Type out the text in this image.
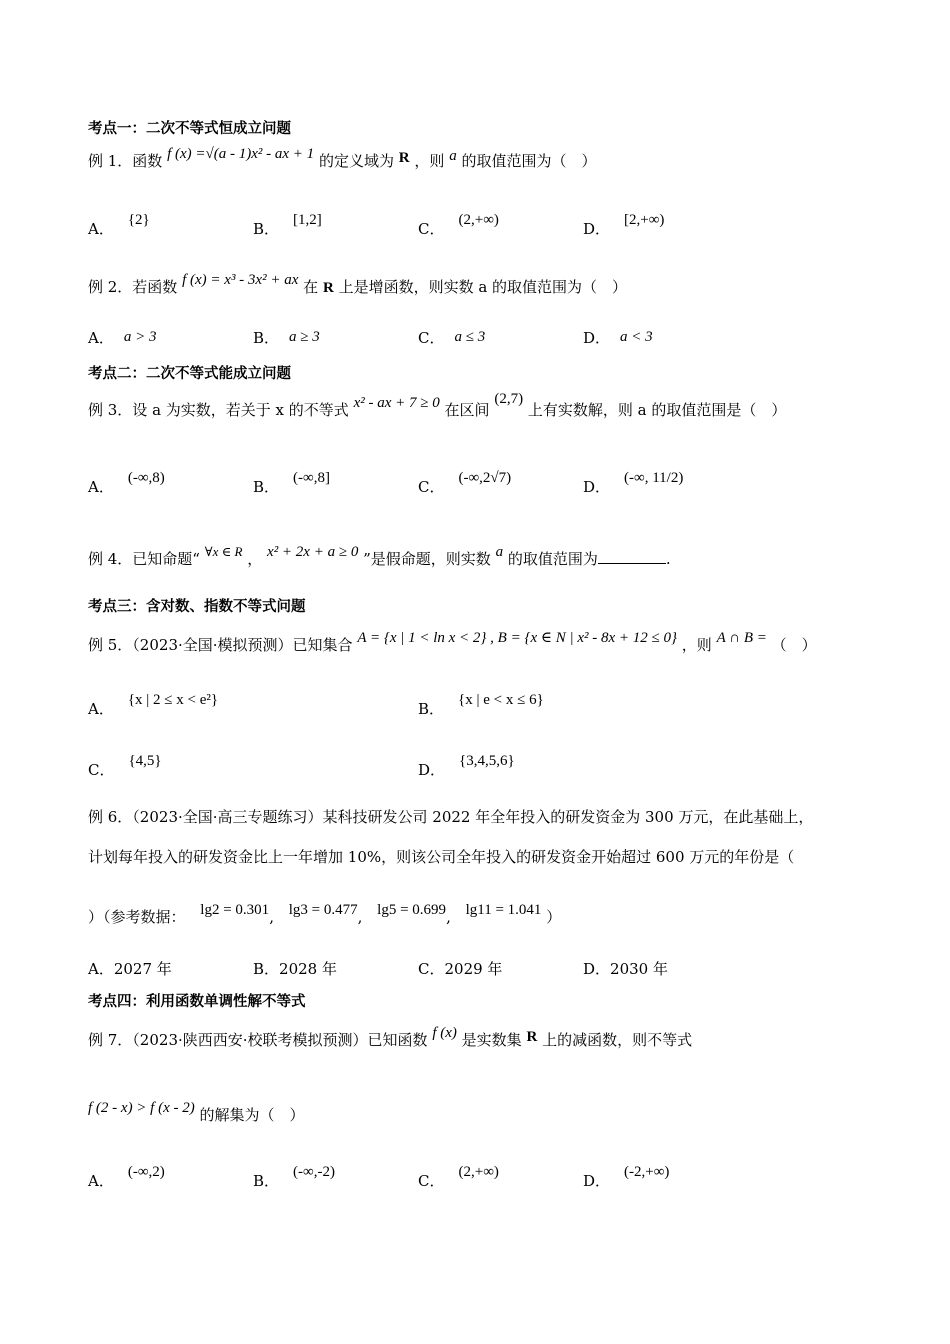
考点一：二次不等式恒成立问题
例 1．函数 f (x) =√(a - 1)x² - ax + 1 的定义域为 R ，则 a 的取值范围为（　）
A． {2}	B． [1,2]	C． (2,+∞)	D． [2,+∞)
例 2．若函数 f (x) = x³ - 3x² + ax 在 R 上是增函数，则实数 a 的取值范围为（　）
A． a > 3	B． a ≥ 3	C． a ≤ 3	D． a < 3
考点二：二次不等式能成立问题
例 3．设 a 为实数，若关于 x 的不等式 x² - ax + 7 ≥ 0 在区间 (2,7) 上有实数解，则 a 的取值范围是（　）
A． (-∞,8)	B． (-∞,8]	C． (-∞,2√7)	D． (-∞, 11/2)
例 4．已知命题“ ∀x ∈ R ， x² + 2x + a ≥ 0 ”是假命题，则实数 a 的取值范围为	.
考点三：含对数、指数不等式问题
例 5．（2023·全国·模拟预测）已知集合 A = {x | 1 < ln x < 2} , B = {x ∈ N | x² - 8x + 12 ≤ 0} ，则 A ∩ B = （　）
A． {x | 2 ≤ x < e²}	B． {x | e < x ≤ 6}
C． {4,5}	D． {3,4,5,6}
例 6．（2023·全国·高三专题练习）某科技研发公司 2022 年全年投入的研发资金为 300 万元，在此基础上，
计划每年投入的研发资金比上一年增加 10%，则该公司全年投入的研发资金开始超过 600 万元的年份是（
）（参考数据： lg2 = 0.301, lg3 = 0.477, lg5 = 0.699, lg11 = 1.041 ）
A．2027 年	B．2028 年	C．2029 年	D．2030 年
考点四：利用函数单调性解不等式
例 7．（2023·陕西西安·校联考模拟预测）已知函数 f (x) 是实数集 R 上的减函数，则不等式
f (2 - x) > f (x - 2) 的解集为（　）
A． (-∞,2)	B． (-∞,-2)	C． (2,+∞)	D． (-2,+∞)
